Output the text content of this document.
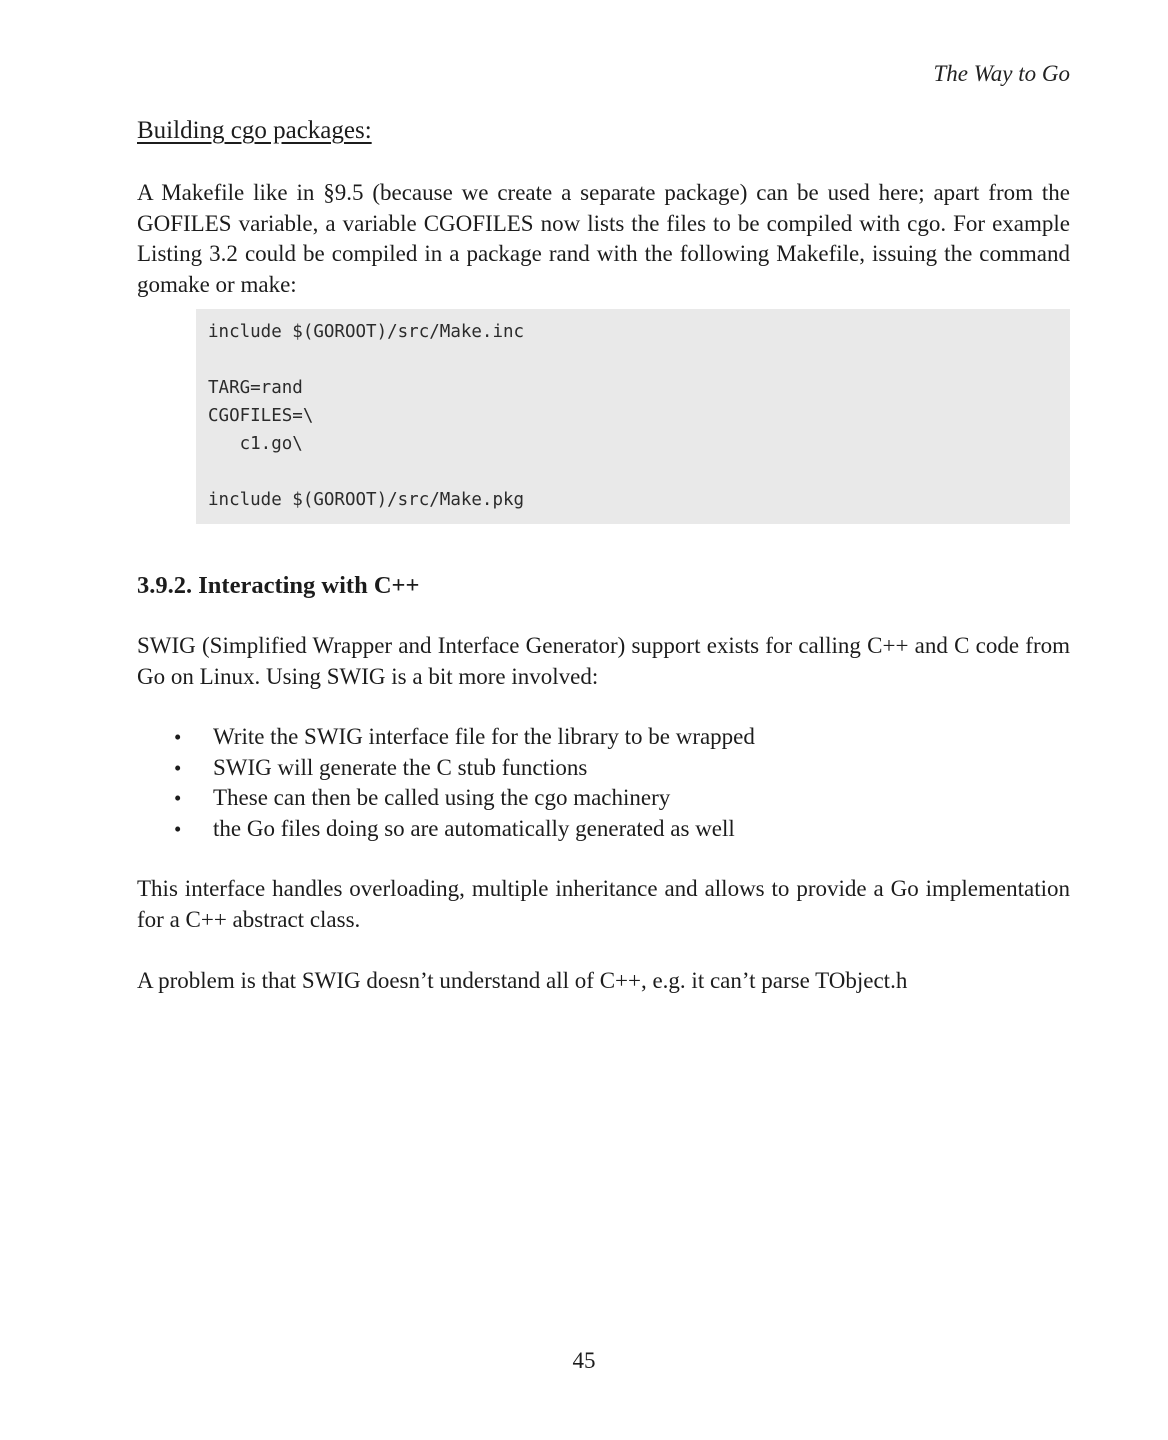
The Way to Go
Building cgo packages:

A Makefile like in §9.5 (because we create a separate package) can be used here; apart from the GOFILES variable, a variable CGOFILES now lists the files to be compiled with cgo. For example Listing 3.2 could be compiled in a package rand with the following Makefile, issuing the command gomake or make:

include $(GOROOT)/src/Make.inc
TARG=rand
CGOFILES=\
c1.go\
include $(GOROOT)/src/Make.pkg
3.9.2. Interacting with C++

SWIG (Simplified Wrapper and Interface Generator) support exists for calling C++ and C code from Go on Linux. Using SWIG is a bit more involved:

•	Write the SWIG interface file for the library to be wrapped
•	SWIG will generate the C stub functions
•	These can then be called using the cgo machinery
•	the Go files doing so are automatically generated as well

This interface handles overloading, multiple inheritance and allows to provide a Go implementation for a C++ abstract class.

A problem is that SWIG doesn’t understand all of C++, e.g. it can’t parse TObject.h

45
